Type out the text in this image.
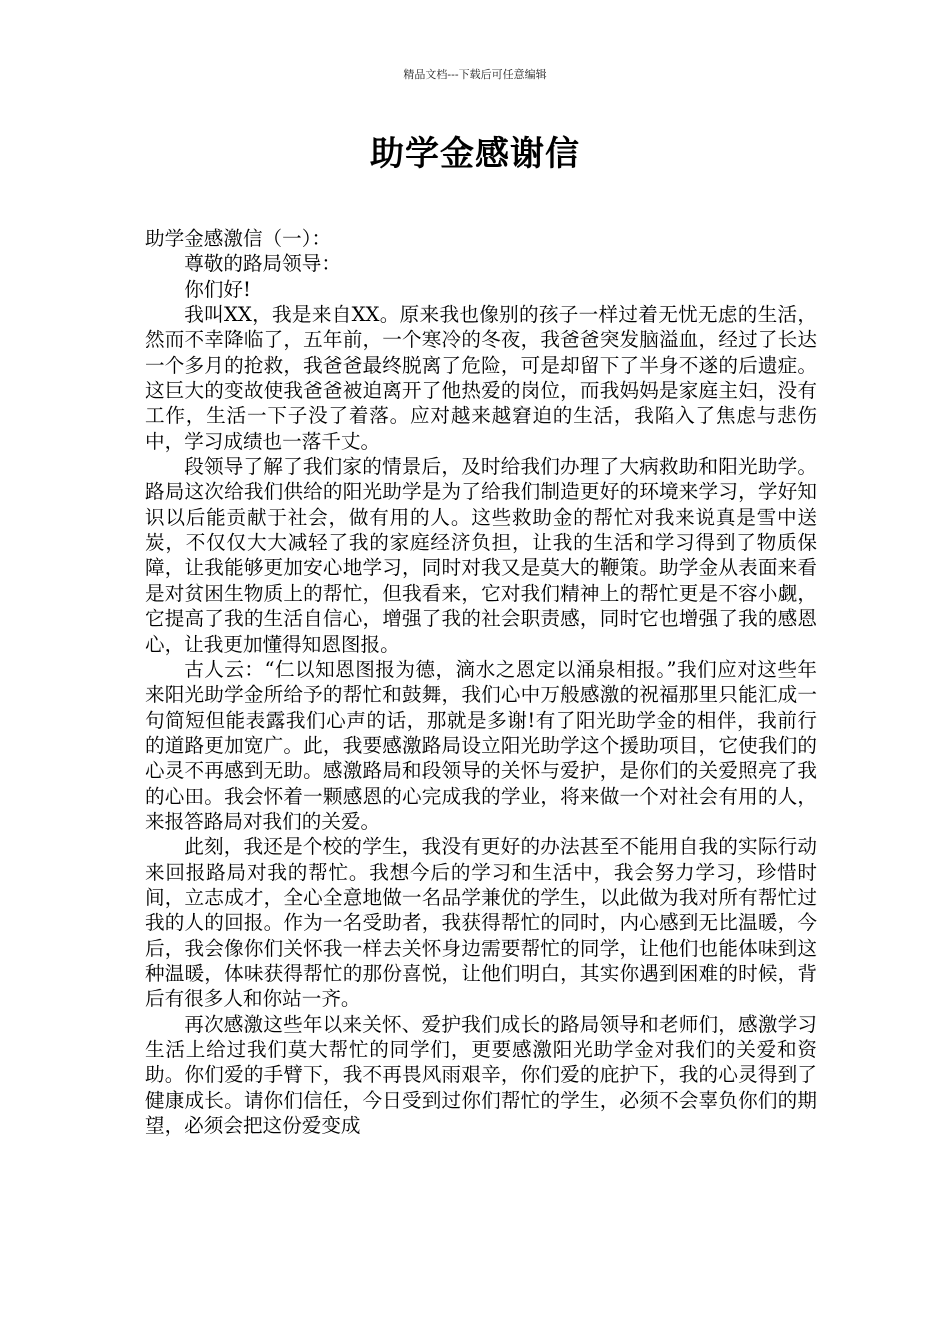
精品文档---下载后可任意编辑
助学金感谢信

助学金感激信（一）：

尊敬的路局领导：

你们好!

我叫XX，我是来自XX。原来我也像别的孩子一样过着无忧无虑的生活，然而不幸降临了，五年前，一个寒冷的冬夜，我爸爸突发脑溢血，经过了长达一个多月的抢救，我爸爸最终脱离了危险，可是却留下了半身不遂的后遗症。这巨大的变故使我爸爸被迫离开了他热爱的岗位，而我妈妈是家庭主妇，没有工作，生活一下子没了着落。应对越来越窘迫的生活，我陷入了焦虑与悲伤中，学习成绩也一落千丈。

段领导了解了我们家的情景后，及时给我们办理了大病救助和阳光助学。路局这次给我们供给的阳光助学是为了给我们制造更好的环境来学习，学好知识以后能贡献于社会，做有用的人。这些救助金的帮忙对我来说真是雪中送炭，不仅仅大大减轻了我的家庭经济负担，让我的生活和学习得到了物质保障，让我能够更加安心地学习，同时对我又是莫大的鞭策。助学金从表面来看是对贫困生物质上的帮忙，但我看来，它对我们精神上的帮忙更是不容小觑，它提高了我的生活自信心，增强了我的社会职责感，同时它也增强了我的感恩心，让我更加懂得知恩图报。

古人云：“仁以知恩图报为德，滴水之恩定以涌泉相报。”我们应对这些年来阳光助学金所给予的帮忙和鼓舞，我们心中万般感激的祝福那里只能汇成一句简短但能表露我们心声的话，那就是多谢!有了阳光助学金的相伴，我前行的道路更加宽广。此，我要感激路局设立阳光助学这个援助项目，它使我们的心灵不再感到无助。感激路局和段领导的关怀与爱护，是你们的关爱照亮了我的心田。我会怀着一颗感恩的心完成我的学业，将来做一个对社会有用的人，来报答路局对我们的关爱。

此刻，我还是个校的学生，我没有更好的办法甚至不能用自我的实际行动来回报路局对我的帮忙。我想今后的学习和生活中，我会努力学习，珍惜时间，立志成才，全心全意地做一名品学兼优的学生，以此做为我对所有帮忙过我的人的回报。作为一名受助者，我获得帮忙的同时，内心感到无比温暖，今后，我会像你们关怀我一样去关怀身边需要帮忙的同学，让他们也能体味到这种温暖，体味获得帮忙的那份喜悦，让他们明白，其实你遇到困难的时候，背后有很多人和你站一齐。

再次感激这些年以来关怀、爱护我们成长的路局领导和老师们，感激学习生活上给过我们莫大帮忙的同学们，更要感激阳光助学金对我们的关爱和资助。你们爱的手臂下，我不再畏风雨艰辛，你们爱的庇护下，我的心灵得到了健康成长。请你们信任，今日受到过你们帮忙的学生，必须不会辜负你们的期望，必须会把这份爱变成
